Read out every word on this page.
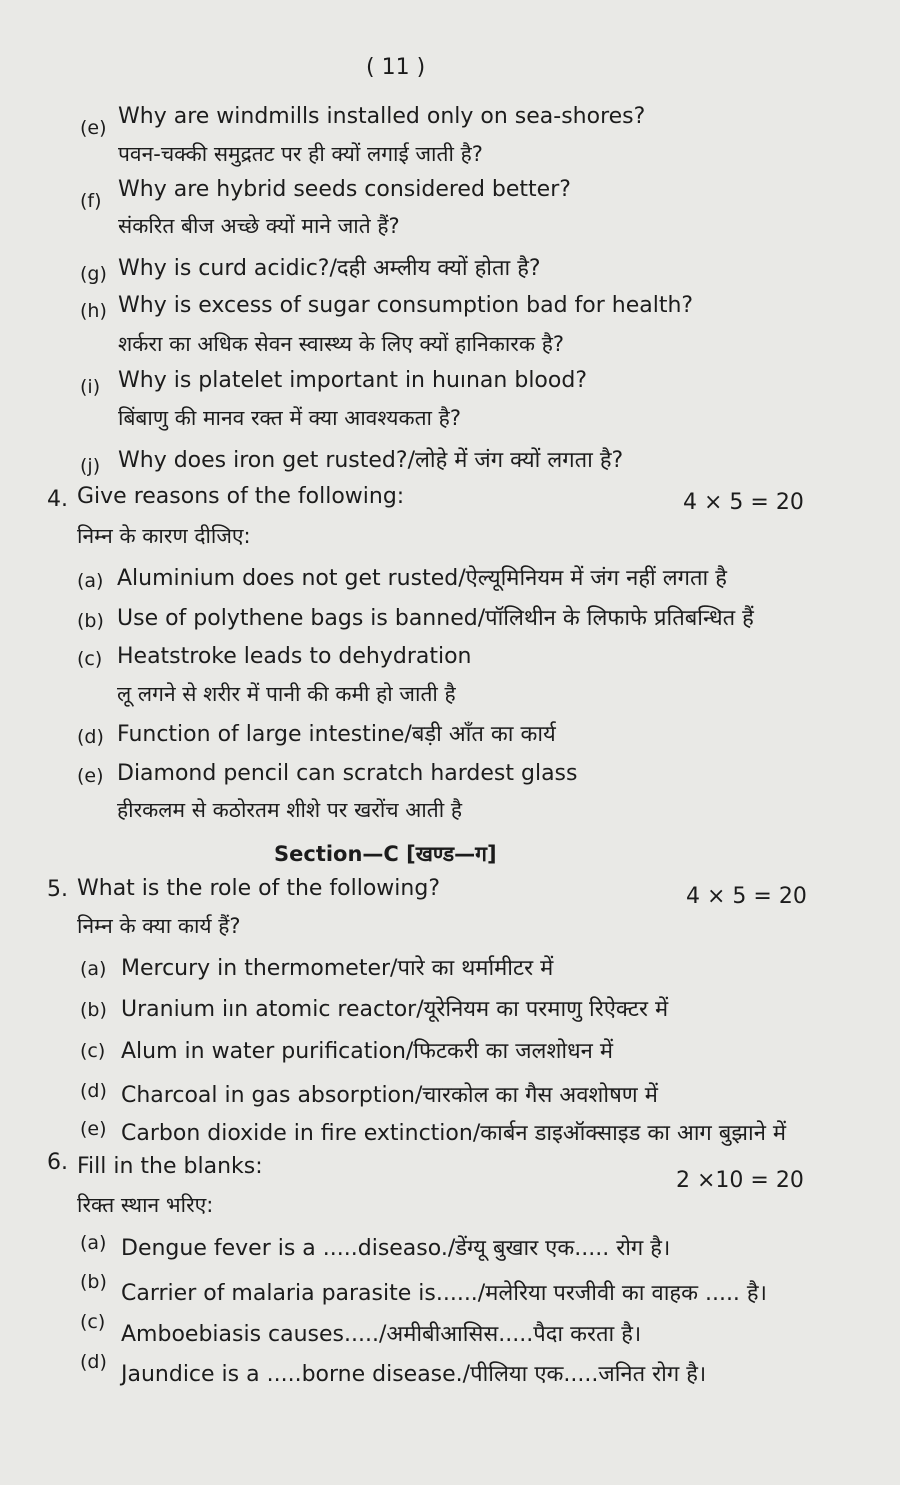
( 11 )
(e) Why are windmills installed only on sea-shores?
पवन-चक्की समुद्रतट पर ही क्यों लगाई जाती है?
(f) Why are hybrid seeds considered better?
संकरित बीज अच्छे क्यों माने जाते हैं?
(g) Why is curd acidic?/दही अम्लीय क्यों होता है?
(h) Why is excess of sugar consumption bad for health?
शर्करा का अधिक सेवन स्वास्थ्य के लिए क्यों हानिकारक है?
(i) Why is platelet important in huınan blood?
बिंबाणु की मानव रक्त में क्या आवश्यकता है?
(j) Why does iron get rusted?/लोहे में जंग क्यों लगता है?
4. Give reasons of the following:	4 × 5 = 20
निम्न के कारण दीजिए:
(a) Aluminium does not get rusted/ऐल्यूमिनियम में जंग नहीं लगता है
(b) Use of polythene bags is banned/पॉलिथीन के लिफाफे प्रतिबन्धित हैं
(c) Heatstroke leads to dehydration
लू लगने से शरीर में पानी की कमी हो जाती है
(d) Function of large intestine/बड़ी आँत का कार्य
(e) Diamond pencil can scratch hardest glass
हीरकलम से कठोरतम शीशे पर खरोंच आती है
Section—C [खण्ड—ग]
5. What is the role of the following?	4 × 5 = 20
निम्न के क्या कार्य हैं?
(a) Mercury in thermometer/पारे का थर्मामीटर में
(b) Uranium iın atomic reactor/यूरेनियम का परमाणु रिऐक्टर में
(c) Alum in water purification/फिटकरी का जलशोधन में
(d) Charcoal in gas absorption/चारकोल का गैस अवशोषण में
(e) Carbon dioxide in fire extinction/कार्बन डाइऑक्साइड का आग बुझाने में
6. Fill in the blanks:
2 ×10 = 20
रिक्त स्थान भरिए:
(a) Dengue fever is a .....diseaso./डेंग्यू बुखार एक..... रोग है।
(b) Carrier of malaria parasite is....../मलेरिया परजीवी का वाहक ..... है।
(c) Amboebiasis causes...../अमीबीआसिस.....पैदा करता है।
(d) Jaundice is a .....borne disease./पीलिया एक.....जनित रोग है।
